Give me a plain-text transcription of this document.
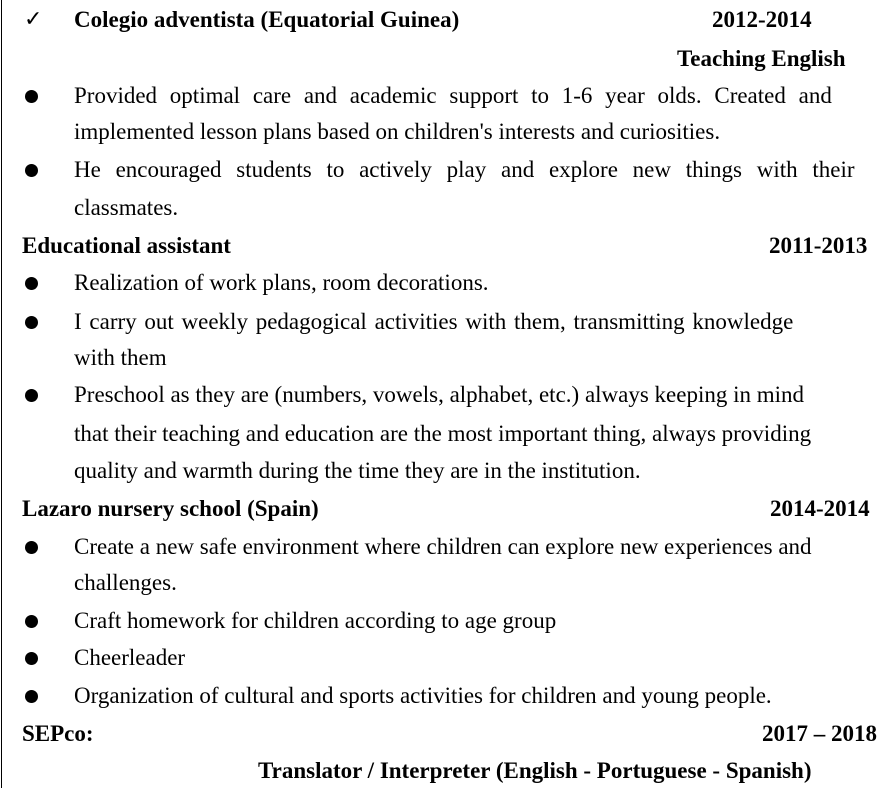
✓ Colegio adventista (Equatorial Guinea)	2012-2014
Teaching English
Provided optimal care and academic support to 1-6 year olds. Created and
implemented lesson plans based on children's interests and curiosities.
He encouraged students to actively play and explore new things with their
classmates.
Educational assistant	2011-2013
Realization of work plans, room decorations.
I carry out weekly pedagogical activities with them, transmitting knowledge
with them
Preschool as they are (numbers, vowels, alphabet, etc.) always keeping in mind
that their teaching and education are the most important thing, always providing
quality and warmth during the time they are in the institution.
Lazaro nursery school (Spain)	2014-2014
Create a new safe environment where children can explore new experiences and
challenges.
Craft homework for children according to age group
Cheerleader
Organization of cultural and sports activities for children and young people.
SEPco:	2017 – 2018
Translator / Interpreter (English - Portuguese - Spanish)
